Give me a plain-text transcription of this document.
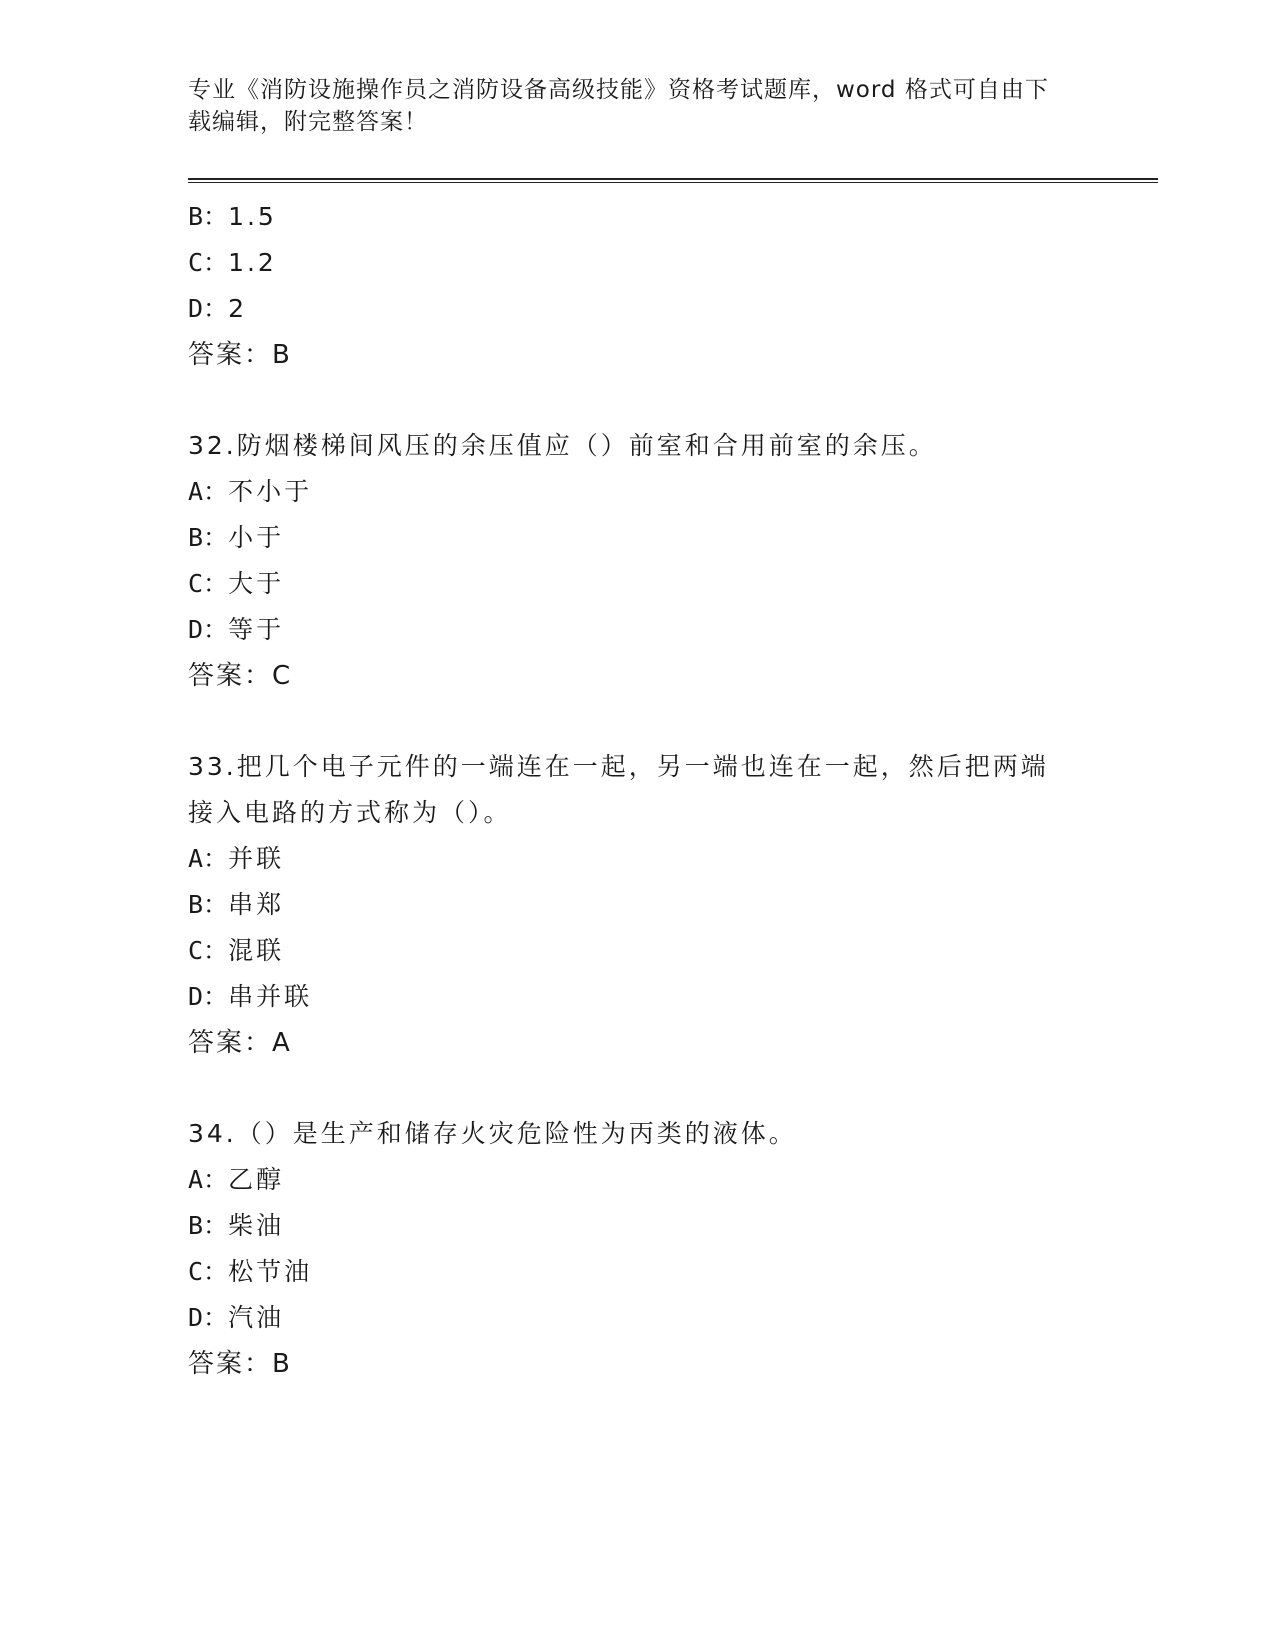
专业《消防设施操作员之消防设备高级技能》资格考试题库，word 格式可自由下
载编辑，附完整答案！
B：1.5
C：1.2
D：2
答案：B
32.防烟楼梯间风压的余压值应（）前室和合用前室的余压。
A：不小于
B：小于
C：大于
D：等于
答案：C
33.把几个电子元件的一端连在一起，另一端也连在一起，然后把两端
接入电路的方式称为（）。
A：并联
B：串郑
C：混联
D：串并联
答案：A
34.（）是生产和储存火灾危险性为丙类的液体。
A：乙醇
B：柴油
C：松节油
D：汽油
答案：B
